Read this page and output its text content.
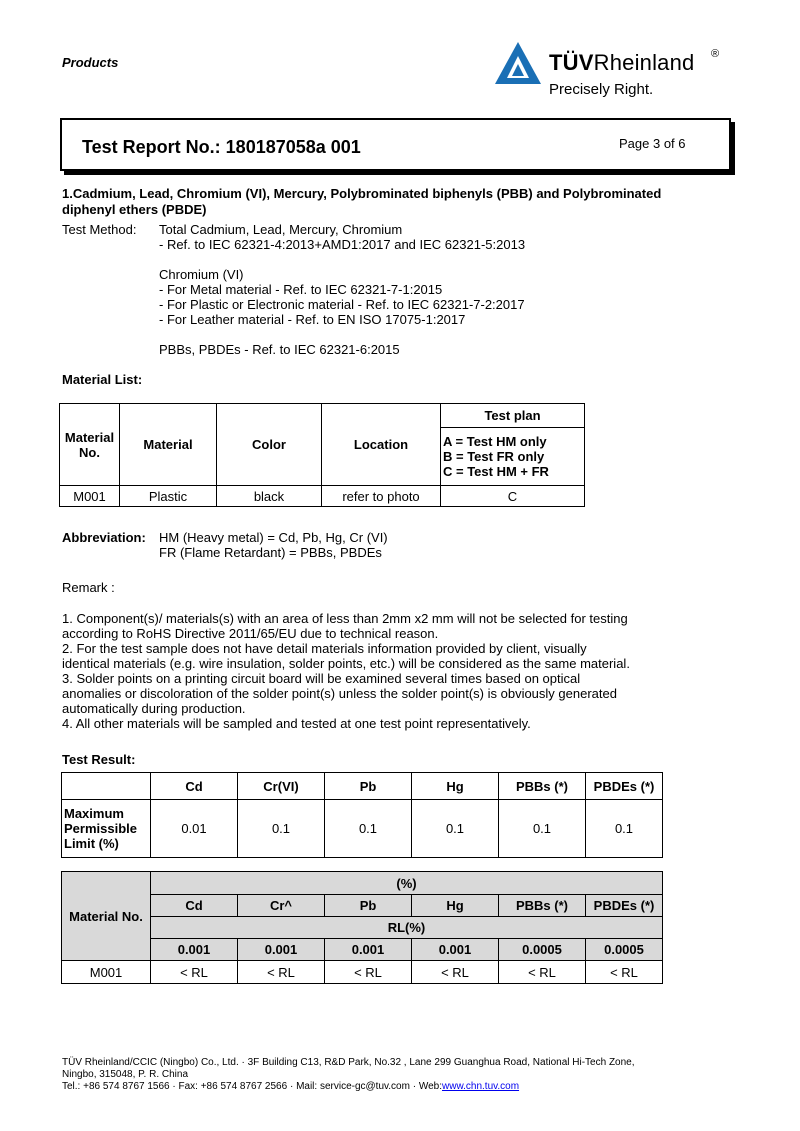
Products	TÜVRheinland ®
Precisely Right.
Test Report No.: 180187058a 001	Page 3 of 6
1.Cadmium, Lead, Chromium (VI), Mercury, Polybrominated biphenyls (PBB) and Polybrominated diphenyl ethers (PBDE)
Test Method: Total Cadmium, Lead, Mercury, Chromium
- Ref. to IEC 62321-4:2013+AMD1:2017 and IEC 62321-5:2013
Chromium (VI)
- For Metal material - Ref. to IEC 62321-7-1:2015
- For Plastic or Electronic material - Ref. to IEC 62321-7-2:2017
- For Leather material - Ref. to EN ISO 17075-1:2017
PBBs, PBDEs - Ref. to IEC 62321-6:2015
Material List:
Material No.	Material	Color	Location	Test plan

				A = Test HM only
B = Test FR only
C = Test HM + FR

M001	Plastic	black	refer to photo	C
Abbreviation: HM (Heavy metal) = Cd, Pb, Hg, Cr (VI)
FR (Flame Retardant) = PBBs, PBDEs
Remark :
1. Component(s)/ materials(s) with an area of less than 2mm x2 mm will not be selected for testing
according to RoHS Directive 2011/65/EU due to technical reason.
2. For the test sample does not have detail materials information provided by client, visually
identical materials (e.g. wire insulation, solder points, etc.) will be considered as the same material.
3. Solder points on a printing circuit board will be examined several times based on optical
anomalies or discoloration of the solder point(s) unless the solder point(s) is obviously generated
automatically during production.
4. All other materials will be sampled and tested at one test point representatively.
Test Result:
	Cd	Cr(VI)	Pb	Hg	PBBs (*)	PBDEs (*)

Maximum
Permissible
Limit (%)	0.01	0.1	0.1	0.1	0.1	0.1
Material No.	(%)					
	Cd	Cr^	Pb	Hg	PBBs (*)	PBDEs (*)
	RL(%)					
	0.001	0.001	0.001	0.001	0.0005	0.0005
M001	< RL	< RL	< RL	< RL	< RL	< RL
TÜV Rheinland/CCIC (Ningbo) Co., Ltd. · 3F Building C13, R&D Park, No.32 , Lane 299 Guanghua Road, National Hi-Tech Zone,
Ningbo, 315048, P. R. China
Tel.: +86 574 8767 1566 · Fax: +86 574 8767 2566 · Mail: service-gc@tuv.com · Web:www.chn.tuv.com
